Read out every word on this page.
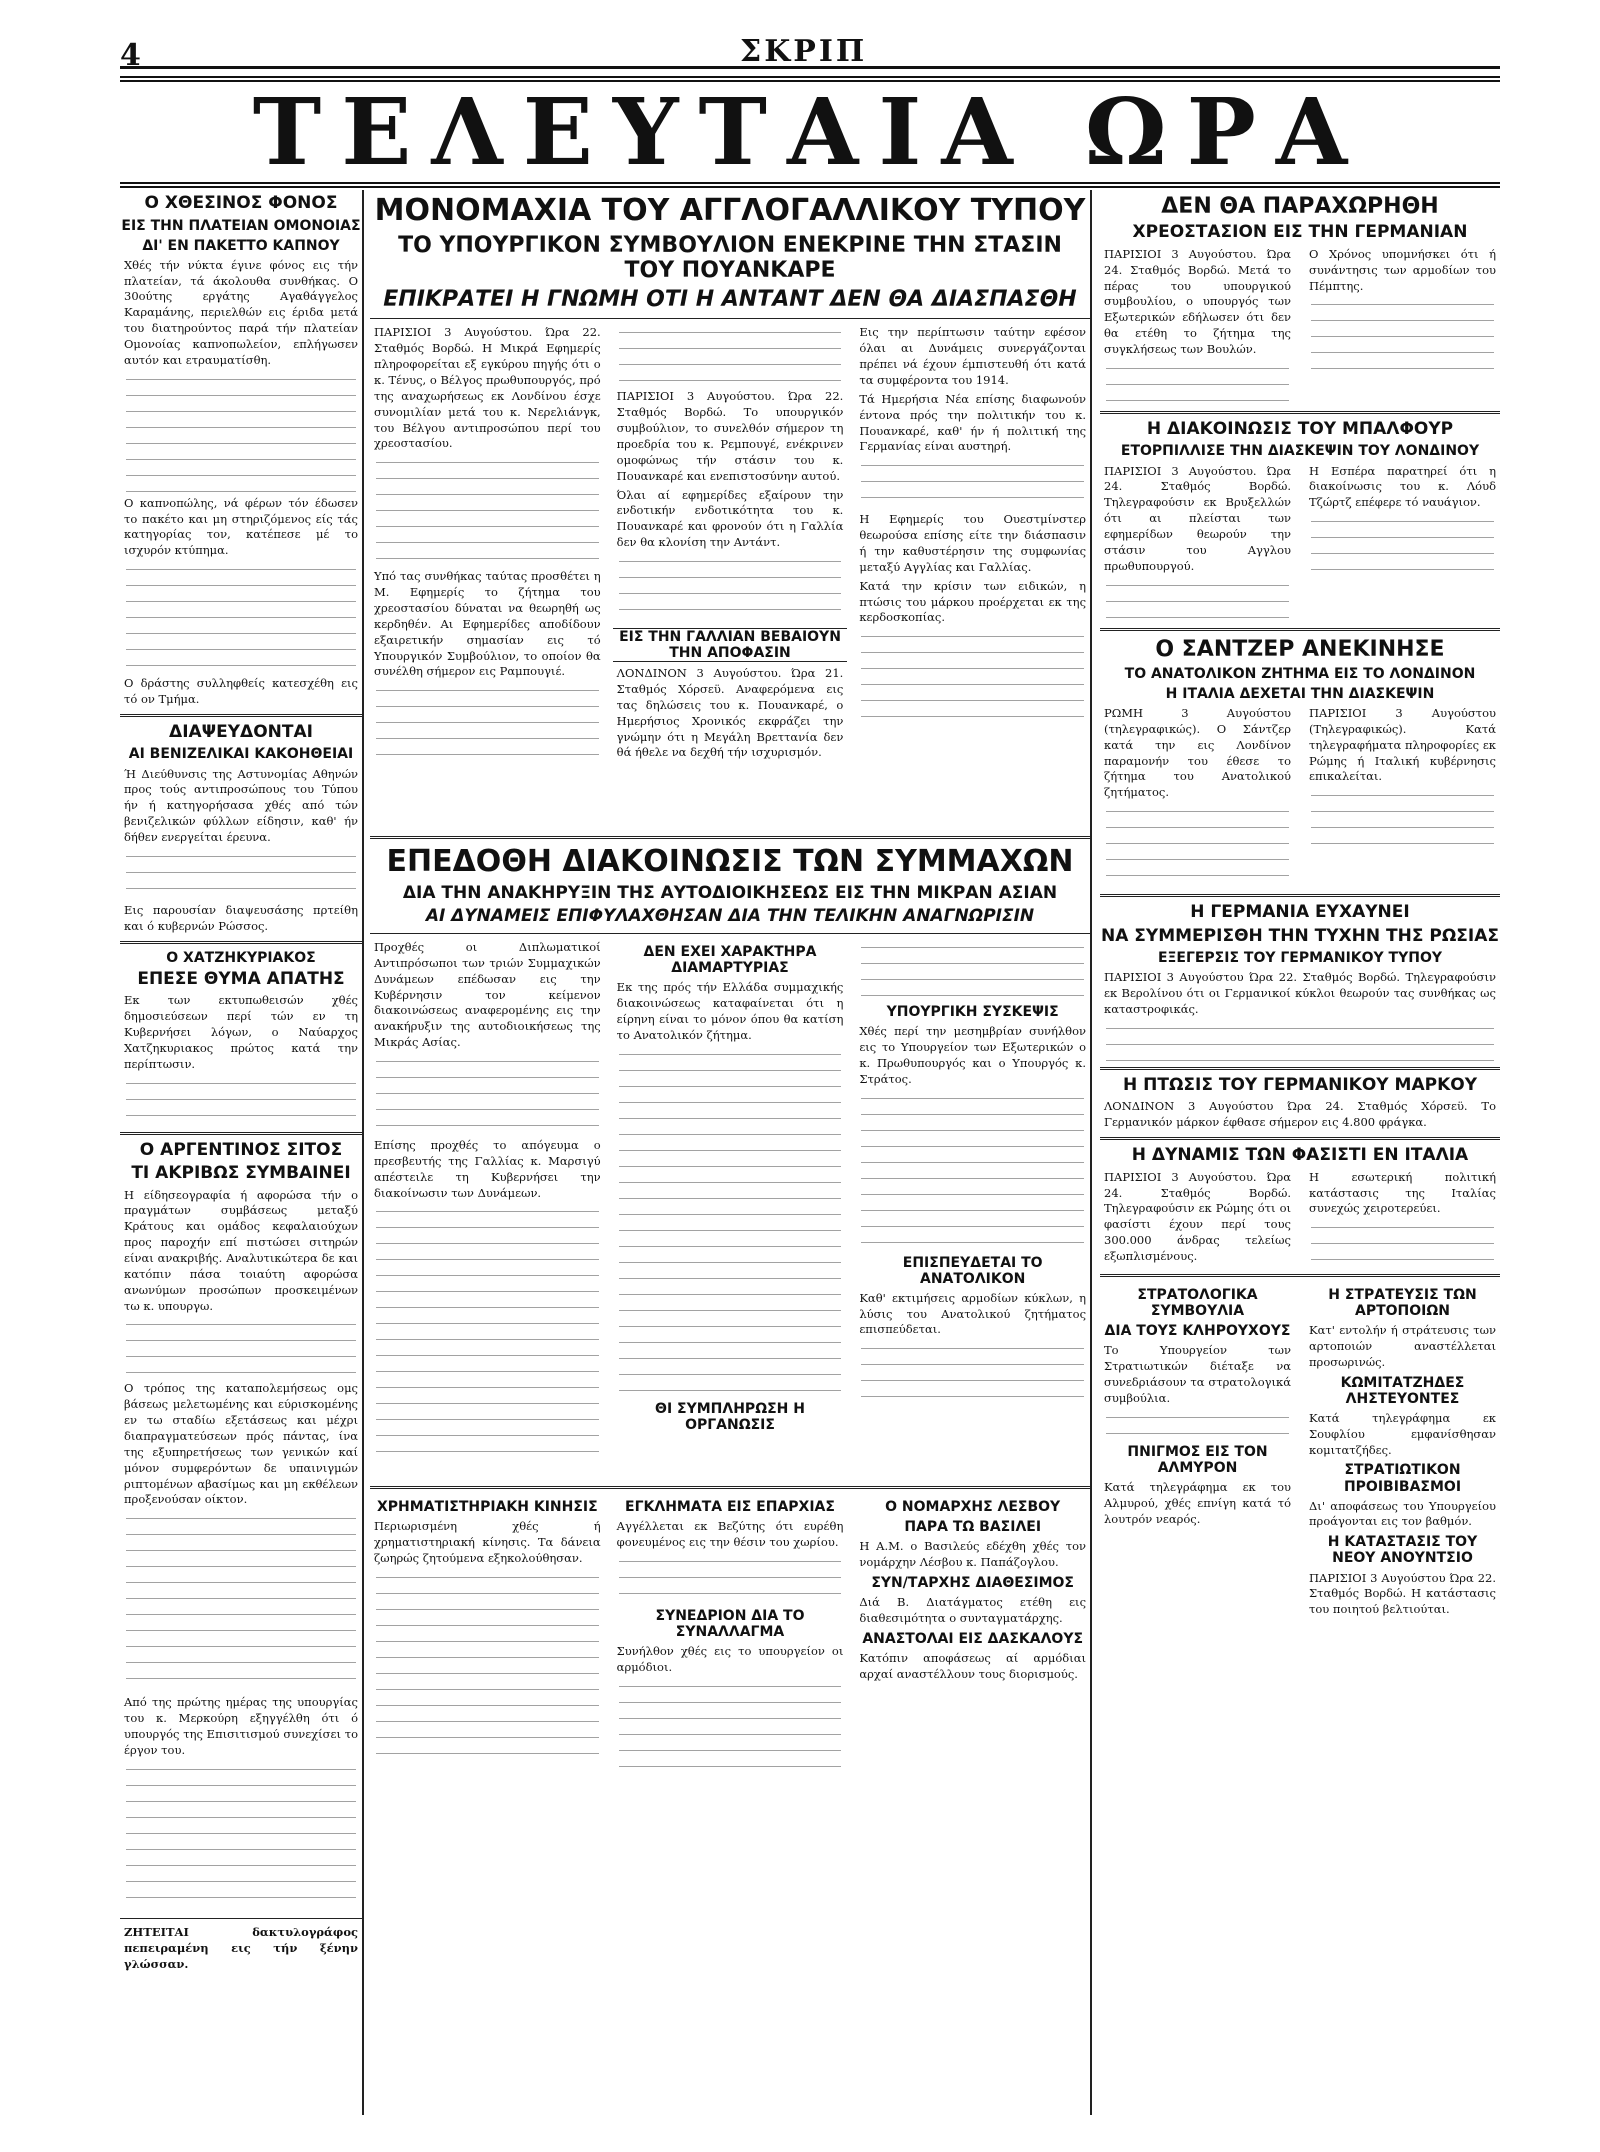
4	ΣΚΡΙΠ
ΤΕΛΕΥΤΑΙΑ ΩΡΑ
Ο ΧΘΕΣΙΝΟΣ ΦΟΝΟΣ
ΕΙΣ ΤΗΝ ΠΛΑΤΕΙΑΝ ΟΜΟΝΟΙΑΣ
ΔΙ' ΕΝ ΠΑΚΕΤΤΟ ΚΑΠΝΟΥ

Χθές τήν νύκτα έγινε φόνος εις τήν πλατείαν, τά άκολουθα συνθήκας. Ο 30ούτης εργάτης Αγαθάγγελος Καραμάνης, περιελθών εις έριδα μετά του διατηρούντος παρά τήν πλατείαν Ομονοίας καπνοπωλείον, επλήγωσεν αυτόν και ετραυματίσθη.

Ο καπνοπώλης, νά φέρων τόν έδωσεν το πακέτο και μη στηριζόμενος είς τάς κατηγορίας τον, κατέπεσε μέ το ισχυρόν κτύπημα.

Ο δράστης συλληφθείς κατεσχέθη εις τό ον Τμήμα.

ΔΙΑΨΕΥΔΟΝΤΑΙ
ΑΙ ΒΕΝΙΖΕΛΙΚΑΙ ΚΑΚΟΗΘΕΙΑΙ

Ή Διεύθυνσις της Αστυνομίας Αθηνών προς τούς αντιπροσώπους του Τύπου ήν ή κατηγορήσασα χθές από τών βενιζελικών φύλλων είδησιν, καθ' ήν δήθεν ενεργείται έρευνα.

Εις παρουσίαν διαψευσάσης πρτείθη και ό κυβερνών Ρώσσος.

Ο ΧΑΤΖΗΚΥΡΙΑΚΟΣ
ΕΠΕΣΕ ΘΥΜΑ ΑΠΑΤΗΣ

Εκ των εκτυπωθεισών χθές δημοσιεύσεων περί τών εν τη Κυβερνήσει λόγων, ο Ναύαρχος Χατζηκυριακος πρώτος κατά την περίπτωσιν.

Ο ΑΡΓΕΝΤΙΝΟΣ ΣΙΤΟΣ
ΤΙ ΑΚΡΙΒΩΣ ΣΥΜΒΑΙΝΕΙ

Η είδησεογραφία ή αφορώσα τήν ο πραγμάτων συμβάσεως μεταξύ Κράτους και ομάδος κεφαλαιούχων προς παροχήν επί πιστώσει σιτηρών είναι ανακριβής. Αναλυτικώτερα δε και κατόπιν πάσα τοιαύτη αφορώσα ανωνύμων προσώπων προσκειμένων τω κ. υπουργω.

Ο τρόπος της καταπολεμήσεως ομς βάσεως μελετωμένης και εύρισκομένης εν τω σταδίω εξετάσεως και μέχρι διαπραγματεύσεων πρός πάντας, ίνα της εξυπηρετήσεως των γενικών καί μόνον συμφερόντων δε υπαινιγμών ριπτομένων αβασίμως και μη εκθέλεων προξενούσαν οίκτον.

Από της πρώτης ημέρας της υπουργίας του κ. Μερκούρη εξηγγέλθη ότι ό υπουργός της Επισιτισμού συνεχίσει το έργον του.

ΖΗΤΕΙΤΑΙ δακτυλογράφος πεπειραμένη εις τήν ξένην γλώσσαν.

ΜΟΝΟΜΑΧΙΑ ΤΟΥ ΑΓΓΛΟΓΑΛΛΙΚΟΥ ΤΥΠΟΥ
ΤΟ ΥΠΟΥΡΓΙΚΟΝ ΣΥΜΒΟΥΛΙΟΝ ΕΝΕΚΡΙΝΕ ΤΗΝ ΣΤΑΣΙΝ ΤΟΥ ΠΟΥΑΝΚΑΡΕ
ΕΠΙΚΡΑΤΕΙ Η ΓΝΩΜΗ ΟΤΙ Η ΑΝΤΑΝΤ ΔΕΝ ΘΑ ΔΙΑΣΠΑΣΘΗ

ΠΑΡΙΣΙΟΙ 3 Αυγούστου. Ώρα 22. Σταθμός Βορδώ. Η Μικρά Εφημερίς πληροφορείται εξ εγκύρου πηγής ότι ο κ. Τένυς, ο Βέλγος πρωθυπουργός, πρό της αναχωρήσεως εκ Λονδίνου έσχε συνομιλίαν μετά του κ. Νερελιάνγκ, του Βέλγου αντιπροσώπου περί του χρεοστασίου.

Υπό τας συνθήκας ταύτας προσθέτει η Μ. Εφημερίς το ζήτημα του χρεοστασίου δύναται να θεωρηθή ως κερδηθέν. Αι Εφημερίδες αποδίδουν εξαιρετικήν σημασίαν εις τό Υπουργικόν Συμβούλιον, το οποίον θα συνέλθη σήμερον εις Ραμπουγιέ.

ΠΑΡΙΣΙΟΙ 3 Αυγούστου. Ώρα 22. Σταθμός Βορδώ. Το υπουργικόν συμβούλιον, το συνελθόν σήμερον τη προεδρία του κ. Ρεμπουγέ, ενέκρινεν ομοφώνως τήν στάσιν του κ. Πουανκαρέ και ενεπιστοσύνην αυτού.

Όλαι αί εφημερίδες εξαίρουν την ενδοτικήν ενδοτικότητα του κ. Πουανκαρέ και φρονούν ότι η Γαλλία δεν θα κλονίση την Αντάντ.

ΕΙΣ ΤΗΝ ΓΑΛΛΙΑΝ ΒΕΒΑΙΟΥΝ ΤΗΝ ΑΠΟΦΑΣΙΝ

ΛΟΝΔΙΝΟΝ 3 Αυγούστου. Ώρα 21. Σταθμός Χόρσεϋ. Αναφερόμενα εις τας δηλώσεις του κ. Πουανκαρέ, ο Ημερήσιος Χρονικός εκφράζει την γνώμην ότι η Μεγάλη Βρεττανία δεν θά ήθελε να δεχθή τήν ισχυρισμόν.

Εις την περίπτωσιν ταύτην εφέσον όλαι αι Δυνάμεις συνεργάζονται πρέπει νά έχουν έμπιστευθή ότι κατά τα συμφέροντα του 1914.

Τά Ημερήσια Νέα επίσης διαφωνούν έντονα πρός την πολιτικήν του κ. Πουανκαρέ, καθ' ήν ή πολιτική της Γερμανίας είναι αυστηρή.

Η Εφημερίς του Ουεστμίνστερ θεωρούσα επίσης είτε την διάσπασιν ή την καθυστέρησιν της συμφωνίας μεταξύ Αγγλίας και Γαλλίας.

Κατά την κρίσιν των ειδικών, η πτώσις του μάρκου προέρχεται εκ της κερδοσκοπίας.

ΕΠΕΔΟΘΗ ΔΙΑΚΟΙΝΩΣΙΣ ΤΩΝ ΣΥΜΜΑΧΩΝ
ΔΙΑ ΤΗΝ ΑΝΑΚΗΡΥΞΙΝ ΤΗΣ ΑΥΤΟΔΙΟΙΚΗΣΕΩΣ ΕΙΣ ΤΗΝ ΜΙΚΡΑΝ ΑΣΙΑΝ
ΑΙ ΔΥΝΑΜΕΙΣ ΕΠΙΦΥΛΑΧΘΗΣΑΝ ΔΙΑ ΤΗΝ ΤΕΛΙΚΗΝ ΑΝΑΓΝΩΡΙΣΙΝ

Προχθές οι Διπλωματικοί Αντιπρόσωποι των τριών Συμμαχικών Δυνάμεων επέδωσαν εις την Κυβέρνησιν τον κείμενον διακοινώσεως αναφερομένης εις την ανακήρυξιν της αυτοδιοικήσεως της Μικράς Ασίας.

Επίσης προχθές το απόγευμα ο πρεσβευτής της Γαλλίας κ. Μαρσιγύ απέστειλε τη Κυβερνήσει την διακοίνωσιν των Δυνάμεων.

ΔΕΝ ΕΧΕΙ ΧΑΡΑΚΤΗΡΑ ΔΙΑΜΑΡΤΥΡΙΑΣ

Εκ της πρός τήν Ελλάδα συμμαχικής διακοινώσεως καταφαίνεται ότι η είρηνη είναι το μόνον όπου θα κατίση το Ανατολικόν ζήτημα.

ΘΙ ΣΥΜΠΛΗΡΩΣΗ Η ΟΡΓΑΝΩΣΙΣ
ΥΠΟΥΡΓΙΚΗ ΣΥΣΚΕΨΙΣ

Χθές περί την μεσημβρίαν συνήλθον εις το Υπουργείον των Εξωτερικών ο κ. Πρωθυπουργός και ο Υπουργός κ. Στράτος.

ΕΠΙΣΠΕΥΔΕΤΑΙ ΤΟ ΑΝΑΤΟΛΙΚΟΝ

Καθ' εκτιμήσεις αρμοδίων κύκλων, η λύσις του Ανατολικού ζητήματος επισπεύδεται.

ΧΡΗΜΑΤΙΣΤΗΡΙΑΚΗ ΚΙΝΗΣΙΣ

Περιωρισμένη χθές ή χρηματιστηριακή κίνησις. Τα δάνεια ζωηρώς ζητούμενα εξηκολούθησαν.

ΕΓΚΛΗΜΑΤΑ ΕΙΣ ΕΠΑΡΧΙΑΣ

Αγγέλλεται εκ Βεζύτης ότι ευρέθη φονευμένος εις την θέσιν του χωρίου.

ΣΥΝΕΔΡΙΟΝ ΔΙΑ ΤΟ ΣΥΝΑΛΛΑΓΜΑ

Συνήλθον χθές εις το υπουργείον οι αρμόδιοι.

Ο ΝΟΜΑΡΧΗΣ ΛΕΣΒΟΥ
ΠΑΡΑ ΤΩ ΒΑΣΙΛΕΙ

Η Α.Μ. ο Βασιλεύς εδέχθη χθές τον νομάρχην Λέσβου κ. Παπάζογλου.

ΣΥΝ/ΤΑΡΧΗΣ ΔΙΑΘΕΣΙΜΟΣ

Διά Β. Διατάγματος ετέθη εις διαθεσιμότητα ο συνταγματάρχης.

ΑΝΑΣΤΟΛΑΙ ΕΙΣ ΔΑΣΚΑΛΟΥΣ

Κατόπιν αποφάσεως αί αρμόδιαι αρχαί αναστέλλουν τους διορισμούς.

ΔΕΝ ΘΑ ΠΑΡΑΧΩΡΗΘΗ
ΧΡΕΟΣΤΑΣΙΟΝ ΕΙΣ ΤΗΝ ΓΕΡΜΑΝΙΑΝ

ΠΑΡΙΣΙΟΙ 3 Αυγούστου. Ώρα 24. Σταθμός Βορδώ. Μετά το πέρας του υπουργικού συμβουλίου, ο υπουργός των Εξωτερικών εδήλωσεν ότι δεν θα ετέθη το ζήτημα της συγκλήσεως των Βουλών.

Ο Χρόνος υπομνήσκει ότι ή συνάντησις των αρμοδίων του Πέμπτης.

Η ΔΙΑΚΟΙΝΩΣΙΣ ΤΟΥ ΜΠΑΛΦΟΥΡ
ΕΤΟΡΠΙΛΛΙΣΕ ΤΗΝ ΔΙΑΣΚΕΨΙΝ ΤΟΥ ΛΟΝΔΙΝΟΥ

ΠΑΡΙΣΙΟΙ 3 Αυγούστου. Ώρα 24. Σταθμός Βορδώ. Τηλεγραφούσιν εκ Βρυξελλών ότι αι πλείσται των εφημερίδων θεωρούν την στάσιν του Αγγλου πρωθυπουργού.

Η Εσπέρα παρατηρεί ότι η διακοίνωσις του κ. Λόυδ Τζώρτζ επέφερε τό ναυάγιον.

Ο ΣΑΝΤΖΕΡ ΑΝΕΚΙΝΗΣΕ
ΤΟ ΑΝΑΤΟΛΙΚΟΝ ΖΗΤΗΜΑ ΕΙΣ ΤΟ ΛΟΝΔΙΝΟΝ
Η ΙΤΑΛΙΑ ΔΕΧΕΤΑΙ ΤΗΝ ΔΙΑΣΚΕΨΙΝ

ΡΩΜΗ 3 Αυγούστου (τηλεγραφικώς). Ο Σάντζερ κατά την εις Λονδίνον παραμονήν του έθεσε το ζήτημα του Ανατολικού ζητήματος.

ΠΑΡΙΣΙΟΙ 3 Αυγούστου (Τηλεγραφικώς). Κατά τηλεγραφήματα πληροφορίες εκ Ρώμης ή Ιταλική κυβέρνησις επικαλείται.

Η ΓΕΡΜΑΝΙΑ ΕΥΧΑΥΝΕΙ
ΝΑ ΣΥΜΜΕΡΙΣΘΗ ΤΗΝ ΤΥΧΗΝ ΤΗΣ ΡΩΣΙΑΣ
ΕΞΕΓΕΡΣΙΣ ΤΟΥ ΓΕΡΜΑΝΙΚΟΥ ΤΥΠΟΥ

ΠΑΡΙΣΙΟΙ 3 Αυγούστου Ώρα 22. Σταθμός Βορδώ. Τηλεγραφούσιν εκ Βερολίνου ότι οι Γερμανικοί κύκλοι θεωρούν τας συνθήκας ως καταστροφικάς.

Η ΠΤΩΣΙΣ ΤΟΥ ΓΕΡΜΑΝΙΚΟΥ ΜΑΡΚΟΥ

ΛΟΝΔΙΝΟΝ 3 Αυγούστου Ώρα 24. Σταθμός Χόρσεϋ. Το Γερμανικόν μάρκον έφθασε σήμερον εις 4.800 φράγκα.

Η ΔΥΝΑΜΙΣ ΤΩΝ ΦΑΣΙΣΤΙ ΕΝ ΙΤΑΛΙΑ

ΠΑΡΙΣΙΟΙ 3 Αυγούστου. Ώρα 24. Σταθμός Βορδώ. Τηλεγραφούσιν εκ Ρώμης ότι οι φασίστι έχουν περί τους 300.000 άνδρας τελείως εξωπλισμένους.

Η εσωτερική πολιτική κατάστασις της Ιταλίας συνεχώς χειροτερεύει.

ΣΤΡΑΤΟΛΟΓΙΚΑ ΣΥΜΒΟΥΛΙΑ
ΔΙΑ ΤΟΥΣ ΚΛΗΡΟΥΧΟΥΣ

Το Υπουργείον των Στρατιωτικών διέταξε να συνεδριάσουν τα στρατολογικά συμβούλια.

ΠΝΙΓΜΟΣ ΕΙΣ ΤΟΝ ΑΛΜΥΡΟΝ

Κατά τηλεγράφημα εκ του Αλμυρού, χθές επνίγη κατά τό λουτρόν νεαρός.

Η ΣΤΡΑΤΕΥΣΙΣ ΤΩΝ ΑΡΤΟΠΟΙΩΝ

Κατ' εντολήν ή στράτευσις των αρτοποιών αναστέλλεται προσωρινώς.

ΚΩΜΙΤΑΤΖΗΔΕΣ ΛΗΣΤΕΥΟΝΤΕΣ

Κατά τηλεγράφημα εκ Σουφλίου εμφανίσθησαν κομιτατζήδες.

ΣΤΡΑΤΙΩΤΙΚΟΝ ΠΡΟΙΒΙΒΑΣΜΟΙ

Δι' αποφάσεως του Υπουργείου προάγονται εις τον βαθμόν.

Η ΚΑΤΑΣΤΑΣΙΣ ΤΟΥ ΝΕΟΥ ΑΝΟΥΝΤΣΙΟ

ΠΑΡΙΣΙΟΙ 3 Αυγούστου Ώρα 22. Σταθμός Βορδώ. Η κατάστασις του ποιητού βελτιούται.
